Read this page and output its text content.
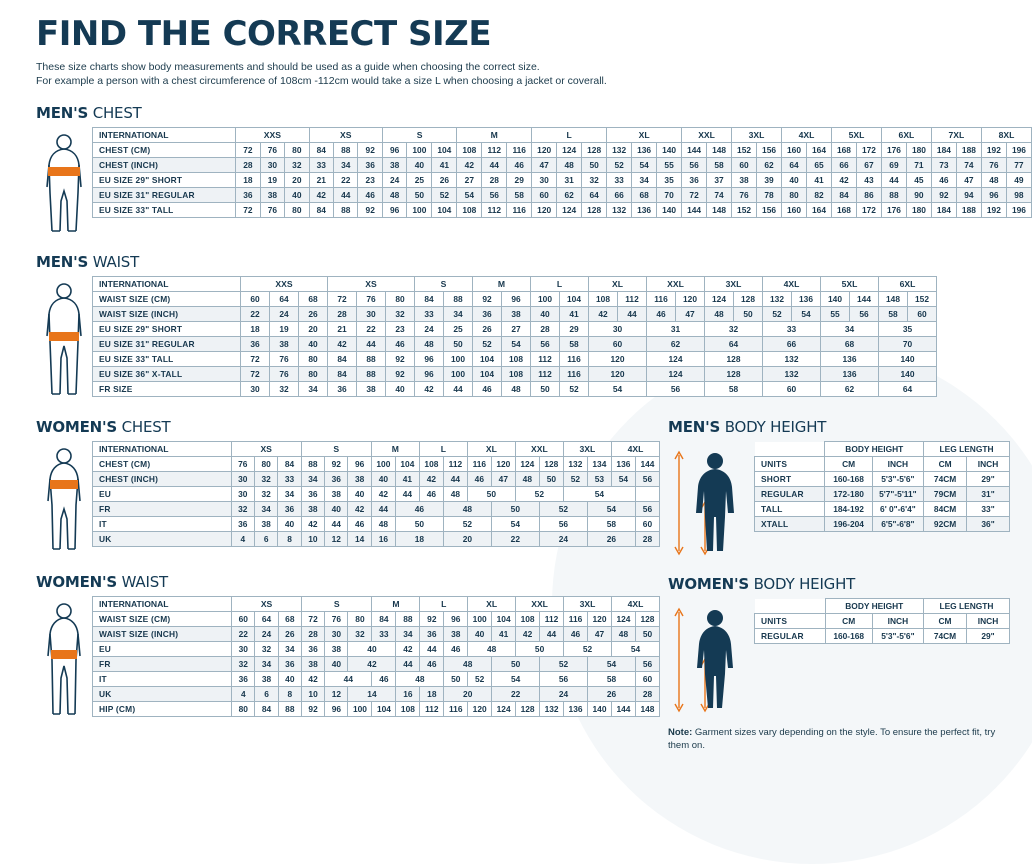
FIND THE CORRECT SIZE

These size charts show body measurements and should be used as a guide when choosing the correct size.
For example a person with a chest circumference of 108cm -112cm would take a size L when choosing a jacket or coverall.

MEN'S CHEST
INTERNATIONAL	XXS			XS			S			M			L			XL			XXL		3XL		4XL		5XL		6XL		7XL		8XL	
CHEST (CM)	72	76	80	84	88	92	96	100	104	108	112	116	120	124	128	132	136	140	144	148	152	156	160	164	168	172	176	180	184	188	192	196
CHEST (INCH)	28	30	32	33	34	36	38	40	41	42	44	46	47	48	50	52	54	55	56	58	60	62	64	65	66	67	69	71	73	74	76	77
EU SIZE 29" SHORT	18	19	20	21	22	23	24	25	26	27	28	29	30	31	32	33	34	35	36	37	38	39	40	41	42	43	44	45	46	47	48	49
EU SIZE 31" REGULAR	36	38	40	42	44	46	48	50	52	54	56	58	60	62	64	66	68	70	72	74	76	78	80	82	84	86	88	90	92	94	96	98
EU SIZE 33" TALL	72	76	80	84	88	92	96	100	104	108	112	116	120	124	128	132	136	140	144	148	152	156	160	164	168	172	176	180	184	188	192	196
MEN'S WAIST
INTERNATIONAL	XXS			XS			S		M		L		XL		XXL		3XL		4XL		5XL		6XL	
WAIST SIZE (CM)	60	64	68	72	76	80	84	88	92	96	100	104	108	112	116	120	124	128	132	136	140	144	148	152
WAIST SIZE (INCH)	22	24	26	28	30	32	33	34	36	38	40	41	42	44	46	47	48	50	52	54	55	56	58	60
EU SIZE 29" SHORT	18	19	20	21	22	23	24	25	26	27	28	29	30		31		32		33		34		35	
EU SIZE 31" REGULAR	36	38	40	42	44	46	48	50	52	54	56	58	60		62		64		66		68		70	
EU SIZE 33" TALL	72	76	80	84	88	92	96	100	104	108	112	116	120		124		128		132		136		140	
EU SIZE 36" X-TALL	72	76	80	84	88	92	96	100	104	108	112	116	120		124		128		132		136		140	
FR SIZE	30	32	34	36	38	40	42	44	46	48	50	52	54		56		58		60		62		64	
WOMEN'S CHEST
INTERNATIONAL	XS			S			M		L		XL		XXL		3XL		4XL	
CHEST (CM)	76	80	84	88	92	96	100	104	108	112	116	120	124	128	132	134	136	144
CHEST (INCH)	30	32	33	34	36	38	40	41	42	44	46	47	48	50	52	53	54	56
EU	30	32	34	36	38	40	42	44	46	48	50		52		54			
FR	32	34	36	38	40	42	44	46		48		50		52		54		56
IT	36	38	40	42	44	46	48	50		52		54		56		58		60
UK	4	6	8	10	12	14	16	18		20		22		24		26		28
WOMEN'S WAIST
INTERNATIONAL	XS			S			M		L		XL		XXL		3XL		4XL	
WAIST SIZE (CM)	60	64	68	72	76	80	84	88	92	96	100	104	108	112	116	120	124	128
WAIST SIZE (INCH)	22	24	26	28	30	32	33	34	36	38	40	41	42	44	46	47	48	50
EU	30	32	34	36	38	40		42	44	46	48		50		52		54	
FR	32	34	36	38	40	42		44	46	48		50		52		54		56
IT	36	38	40	42	44		46	48		50	52	54		56		58		60
UK	4	6	8	10	12	14		16	18	20		22		24		26		28
HIP (CM)	80	84	88	92	96	100	104	108	112	116	120	124	128	132	136	140	144	148
MEN'S BODY HEIGHT
	BODY HEIGHT		LEG LENGTH	
UNITS	CM	INCH	CM	INCH
SHORT	160-168	5'3"-5'6"	74CM	29"
REGULAR	172-180	5'7"-5'11"	79CM	31"
TALL	184-192	6' 0"-6'4"	84CM	33"
XTALL	196-204	6'5"-6'8"	92CM	36"
WOMEN'S BODY HEIGHT
	BODY HEIGHT		LEG LENGTH	
UNITS	CM	INCH	CM	INCH
REGULAR	160-168	5'3"-5'6"	74CM	29"

Note: Garment sizes vary depending on the style. To ensure the perfect fit, try them on.
